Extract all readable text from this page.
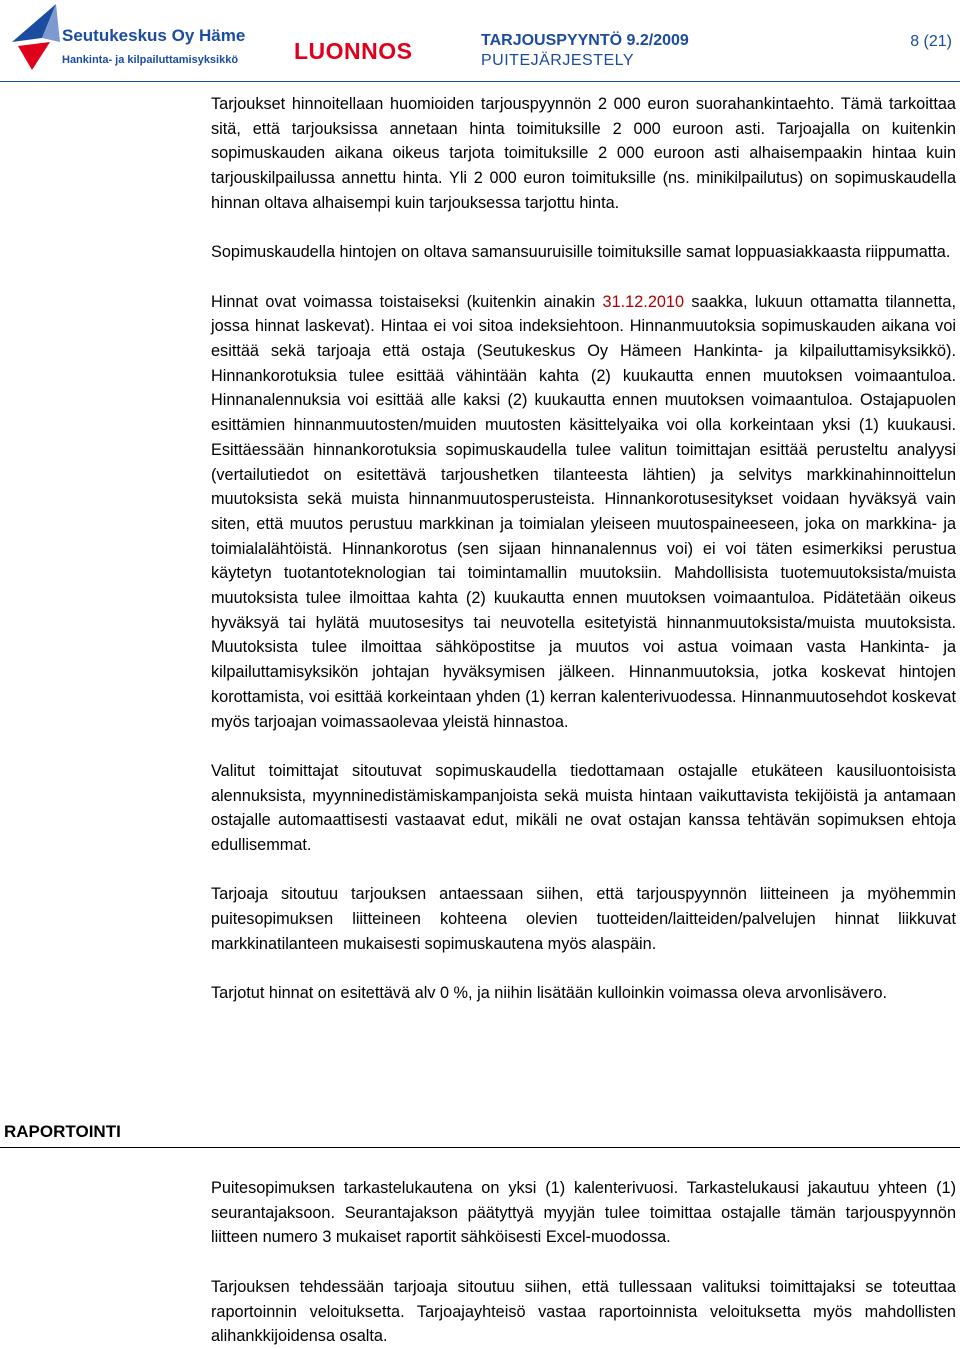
Seutukeskus Oy Häme
Hankinta- ja kilpailuttamisyksikkö LUONNOS	TARJOUSPYYNTÖ 9.2/2009
PUITEJÄRJESTELY
8 (21)

Tarjoukset hinnoitellaan huomioiden tarjouspyynnön 2 000 euron suorahankintaehto. Tämä tarkoittaa sitä, että tarjouksissa annetaan hinta toimituksille 2 000 euroon asti. Tarjoajalla on kuitenkin sopimuskauden aikana oikeus tarjota toimituksille 2 000 euroon asti alhaisempaakin hintaa kuin tarjouskilpailussa annettu hinta. Yli 2 000 euron toimituksille (ns. minikilpailutus) on sopimuskaudella hinnan oltava alhaisempi kuin tarjouksessa tarjottu hinta.

Sopimuskaudella hintojen on oltava samansuuruisille toimituksille samat loppuasiakkaasta riippumatta.

Hinnat ovat voimassa toistaiseksi (kuitenkin ainakin 31.12.2010 saakka, lukuun ottamatta tilannetta, jossa hinnat laskevat). Hintaa ei voi sitoa indeksiehtoon. Hinnanmuutoksia sopimuskauden aikana voi esittää sekä tarjoaja että ostaja (Seutukeskus Oy Hämeen Hankinta- ja kilpailuttamisyksikkö). Hinnankorotuksia tulee esittää vähintään kahta (2) kuukautta ennen muutoksen voimaantuloa. Hinnanalennuksia voi esittää alle kaksi (2) kuukautta ennen muutoksen voimaantuloa. Ostajapuolen esittämien hinnanmuutosten/muiden muutosten käsittelyaika voi olla korkeintaan yksi (1) kuukausi. Esittäessään hinnankorotuksia sopimuskaudella tulee valitun toimittajan esittää perusteltu analyysi (vertailutiedot on esitettävä tarjoushetken tilanteesta lähtien) ja selvitys markkinahinnoittelun muutoksista sekä muista hinnanmuutosperusteista. Hinnankorotusesitykset voidaan hyväksyä vain siten, että muutos perustuu markkinan ja toimialan yleiseen muutospaineeseen, joka on markkina- ja toimialalähtöistä. Hinnankorotus (sen sijaan hinnanalennus voi) ei voi täten esimerkiksi perustua käytetyn tuotantoteknologian tai toimintamallin muutoksiin. Mahdollisista tuotemuutoksista/muista muutoksista tulee ilmoittaa kahta (2) kuukautta ennen muutoksen voimaantuloa. Pidätetään oikeus hyväksyä tai hylätä muutosesitys tai neuvotella esitetyistä hinnanmuutoksista/muista muutoksista. Muutoksista tulee ilmoittaa sähköpostitse ja muutos voi astua voimaan vasta Hankinta- ja kilpailuttamisyksikön johtajan hyväksymisen jälkeen. Hinnanmuutoksia, jotka koskevat hintojen korottamista, voi esittää korkeintaan yhden (1) kerran kalenterivuodessa. Hinnanmuutosehdot koskevat myös tarjoajan voimassaolevaa yleistä hinnastoa.

Valitut toimittajat sitoutuvat sopimuskaudella tiedottamaan ostajalle etukäteen kausiluontoisista alennuksista, myynninedistämiskampanjoista sekä muista hintaan vaikuttavista tekijöistä ja antamaan ostajalle automaattisesti vastaavat edut, mikäli ne ovat ostajan kanssa tehtävän sopimuksen ehtoja edullisemmat.

Tarjoaja sitoutuu tarjouksen antaessaan siihen, että tarjouspyynnön liitteineen ja myöhemmin puitesopimuksen liitteineen kohteena olevien tuotteiden/laitteiden/palvelujen hinnat liikkuvat markkinatilanteen mukaisesti sopimuskautena myös alaspäin.

Tarjotut hinnat on esitettävä alv 0 %, ja niihin lisätään kulloinkin voimassa oleva arvonlisävero.

RAPORTOINTI

Puitesopimuksen tarkastelukautena on yksi (1) kalenterivuosi. Tarkastelukausi jakautuu yhteen (1) seurantajaksoon. Seurantajakson päätyttyä myyjän tulee toimittaa ostajalle tämän tarjouspyynnön liitteen numero 3 mukaiset raportit sähköisesti Excel-muodossa.

Tarjouksen tehdessään tarjoaja sitoutuu siihen, että tullessaan valituksi toimittajaksi se toteuttaa raportoinnin veloituksetta. Tarjoajayhteisö vastaa raportoinnista veloituksetta myös mahdollisten alihankkijoidensa osalta.
